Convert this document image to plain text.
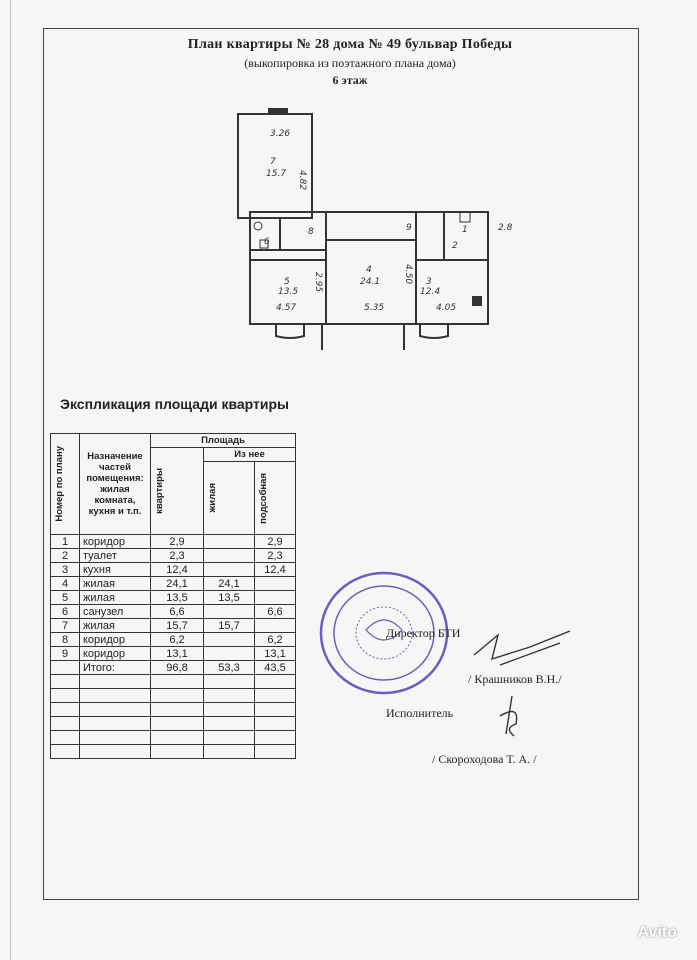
План квартиры № 28 дома № 49 бульвар Победы
(выкопировка из поэтажного плана дома)
6 этаж
3.26
7
15.7 4.82
6
8	9	1
2
2.8
5
13.5
4.57
2.95
4
24.1
5.35
4.50 3
12.4
4.05
Экспликация площади квартиры
Номер по плану	Назначение частей помещения: жилая комната, кухня и т.п.	Площадь		

		квартиры	Из нее	

			жилая	подсобная

1	коридор	2,9		2,9
2	туалет	2,3		2,3
3	кухня	12,4		12,4
4	жилая	24,1	24,1	
5	жилая	13,5	13,5	
6	санузел	6,6		6,6
7	жилая	15,7	15,7	
8	коридор	6,2		6,2
9	коридор	13,1		13,1
	Итого:	96,8	53,3	43,5

Директор БТИ
/ Крашников В.Н./
Исполнитель
/ Скороходова Т. А. /
Avito
